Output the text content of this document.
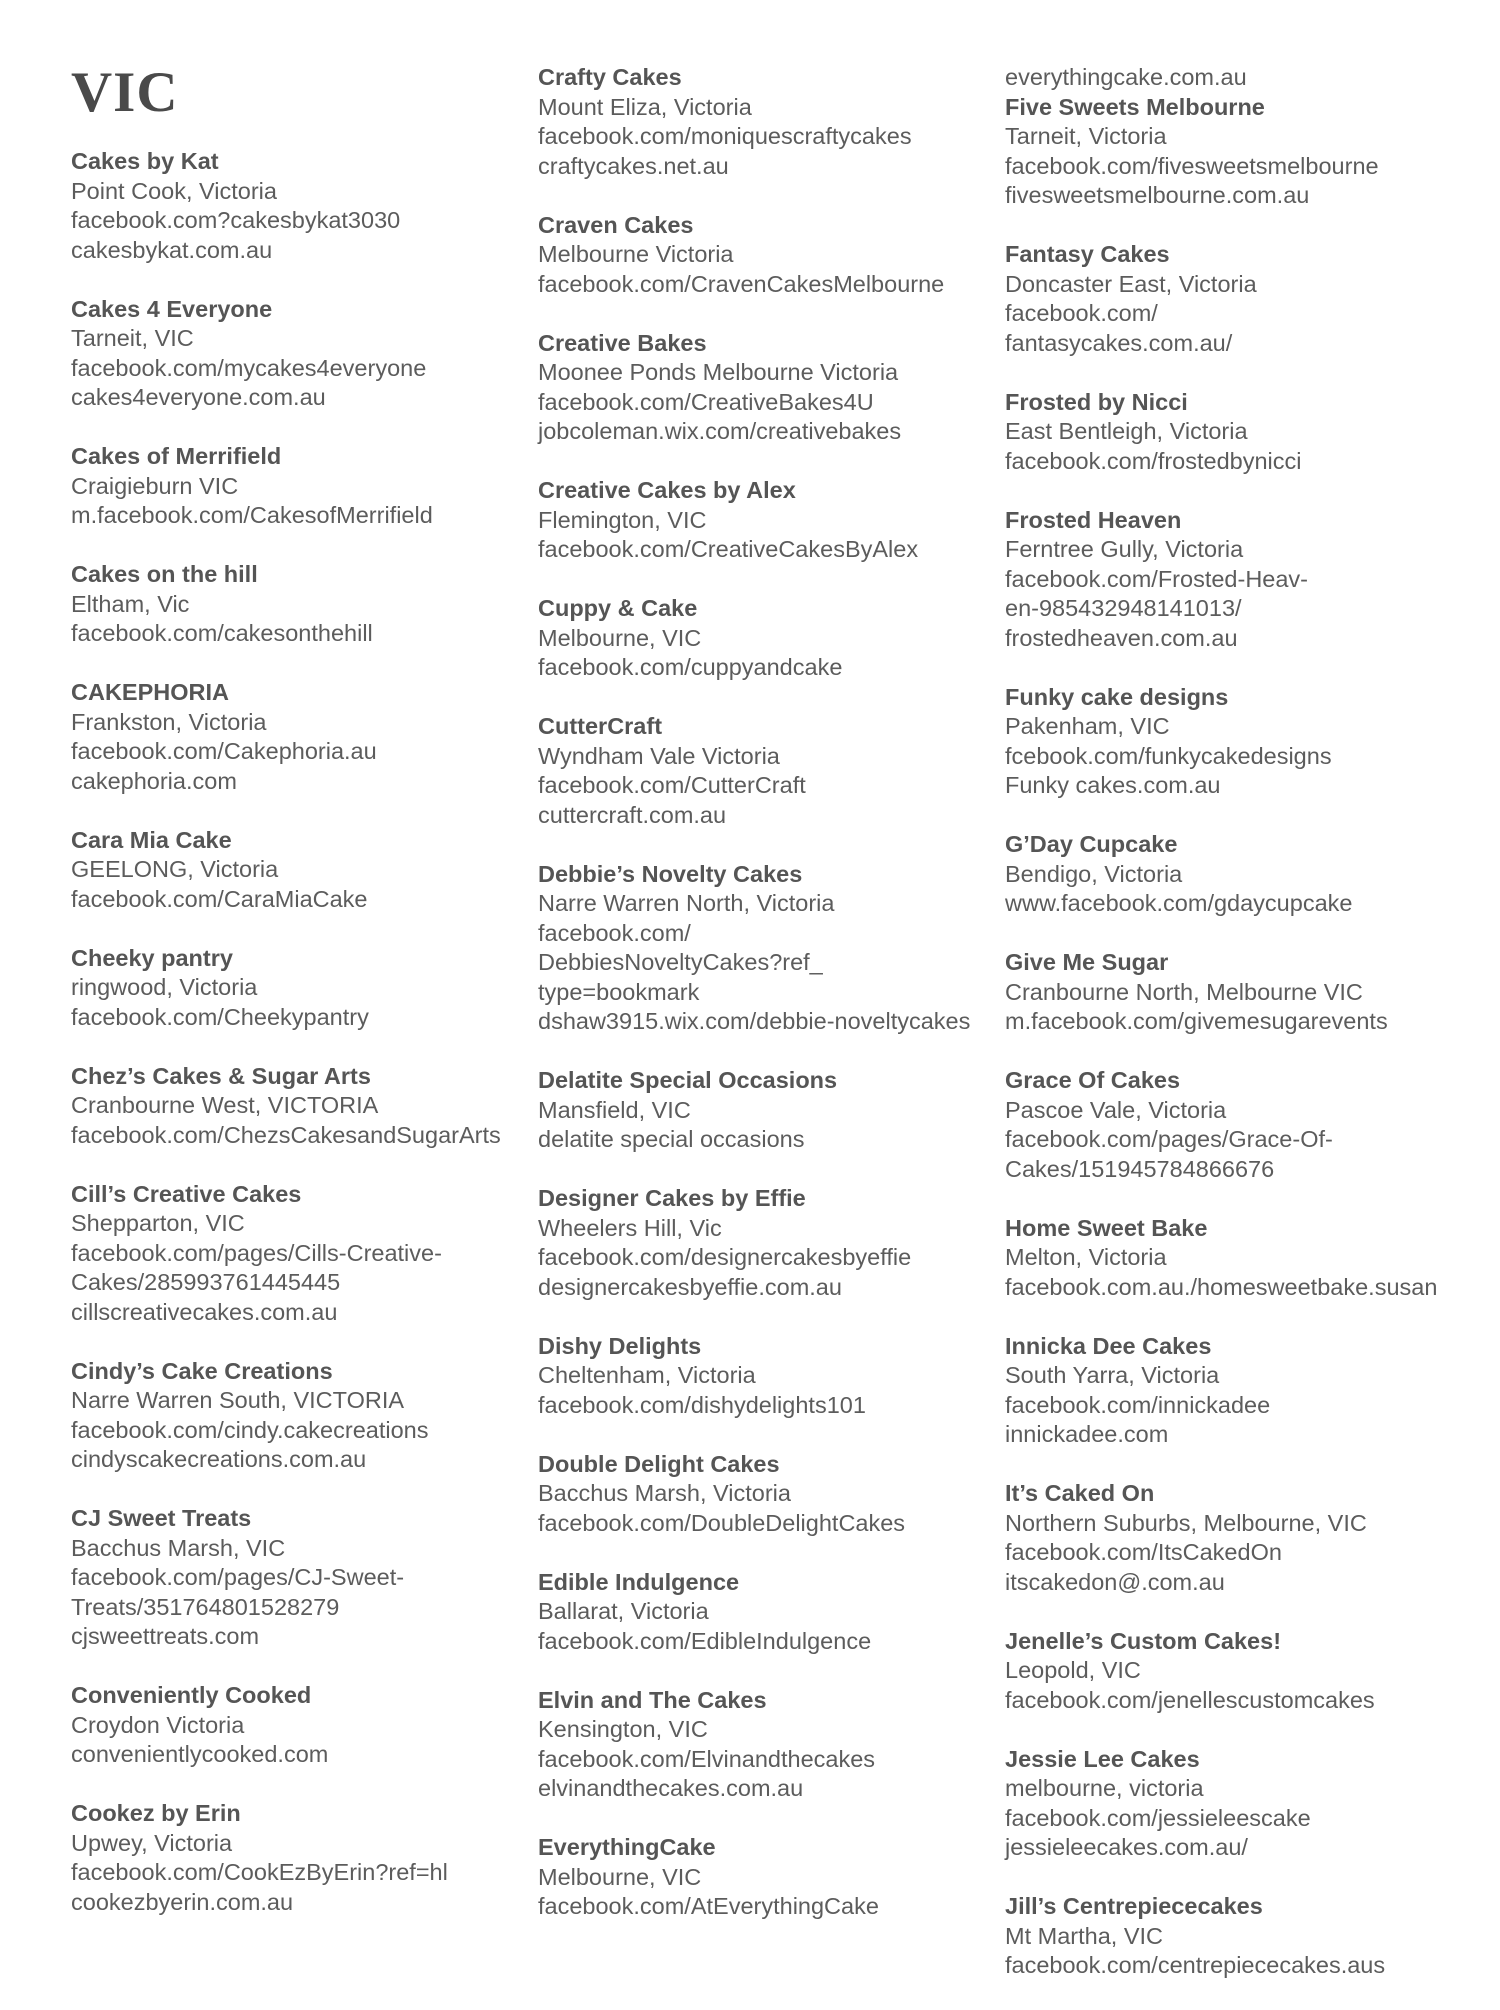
VIC
Cakes by Kat
Point Cook, Victoria
facebook.com?cakesbykat3030
cakesbykat.com.au
Cakes 4 Everyone
Tarneit, VIC
facebook.com/mycakes4everyone
cakes4everyone.com.au
Cakes of Merrifield
Craigieburn VIC
m.facebook.com/CakesofMerrifield
Cakes on the hill
Eltham, Vic
facebook.com/cakesonthehill
CAKEPHORIA
Frankston, Victoria
facebook.com/Cakephoria.au
cakephoria.com
Cara Mia Cake
GEELONG, Victoria
facebook.com/CaraMiaCake
Cheeky pantry
ringwood, Victoria
facebook.com/Cheekypantry
Chez’s Cakes & Sugar Arts
Cranbourne West, VICTORIA
facebook.com/ChezsCakesandSugarArts
Cill’s Creative Cakes
Shepparton, VIC
facebook.com/pages/Cills-Creative-
Cakes/285993761445445
cillscreativecakes.com.au
Cindy’s Cake Creations
Narre Warren South, VICTORIA
facebook.com/cindy.cakecreations
cindyscakecreations.com.au
CJ Sweet Treats
Bacchus Marsh, VIC
facebook.com/pages/CJ-Sweet-
Treats/351764801528279
cjsweettreats.com
Conveniently Cooked
Croydon Victoria
convenientlycooked.com
Cookez by Erin
Upwey, Victoria
facebook.com/CookEzByErin?ref=hl
cookezbyerin.com.au
Crafty Cakes
Mount Eliza, Victoria
facebook.com/moniquescraftycakes
craftycakes.net.au
Craven Cakes
Melbourne Victoria
facebook.com/CravenCakesMelbourne
Creative Bakes
Moonee Ponds Melbourne Victoria
facebook.com/CreativeBakes4U
jobcoleman.wix.com/creativebakes
Creative Cakes by Alex
Flemington, VIC
facebook.com/CreativeCakesByAlex
Cuppy & Cake
Melbourne, VIC
facebook.com/cuppyandcake
CutterCraft
Wyndham Vale Victoria
facebook.com/CutterCraft
cuttercraft.com.au
Debbie’s Novelty Cakes
Narre Warren North, Victoria
facebook.com/
DebbiesNoveltyCakes?ref_
type=bookmark
dshaw3915.wix.com/debbie-noveltycakes
Delatite Special Occasions
Mansfield, VIC
delatite special occasions
Designer Cakes by Effie
Wheelers Hill, Vic
facebook.com/designercakesbyeffie
designercakesbyeffie.com.au
Dishy Delights
Cheltenham, Victoria
facebook.com/dishydelights101
Double Delight Cakes
Bacchus Marsh, Victoria
facebook.com/DoubleDelightCakes
Edible Indulgence
Ballarat, Victoria
facebook.com/EdibleIndulgence
Elvin and The Cakes
Kensington, VIC
facebook.com/Elvinandthecakes
elvinandthecakes.com.au
EverythingCake
Melbourne, VIC
facebook.com/AtEverythingCake
everythingcake.com.au
Five Sweets Melbourne
Tarneit, Victoria
facebook.com/fivesweetsmelbourne
fivesweetsmelbourne.com.au
Fantasy Cakes
Doncaster East, Victoria
facebook.com/
fantasycakes.com.au/
Frosted by Nicci
East Bentleigh, Victoria
facebook.com/frostedbynicci
Frosted Heaven
Ferntree Gully, Victoria
facebook.com/Frosted-Heav-
en-985432948141013/
frostedheaven.com.au
Funky cake designs
Pakenham, VIC
fcebook.com/funkycakedesigns
Funky cakes.com.au
G’Day Cupcake
Bendigo, Victoria
www.facebook.com/gdaycupcake
Give Me Sugar
Cranbourne North, Melbourne VIC
m.facebook.com/givemesugarevents
Grace Of Cakes
Pascoe Vale, Victoria
facebook.com/pages/Grace-Of-
Cakes/151945784866676
Home Sweet Bake
Melton, Victoria
facebook.com.au./homesweetbake.susan
Innicka Dee Cakes
South Yarra, Victoria
facebook.com/innickadee
innickadee.com
It’s Caked On
Northern Suburbs, Melbourne, VIC
facebook.com/ItsCakedOn
itscakedon@.com.au
Jenelle’s Custom Cakes!
Leopold, VIC
facebook.com/jenellescustomcakes
Jessie Lee Cakes
melbourne, victoria
facebook.com/jessieleescake
jessieleecakes.com.au/
Jill’s Centrepiececakes
Mt Martha, VIC
facebook.com/centrepiececakes.aus
